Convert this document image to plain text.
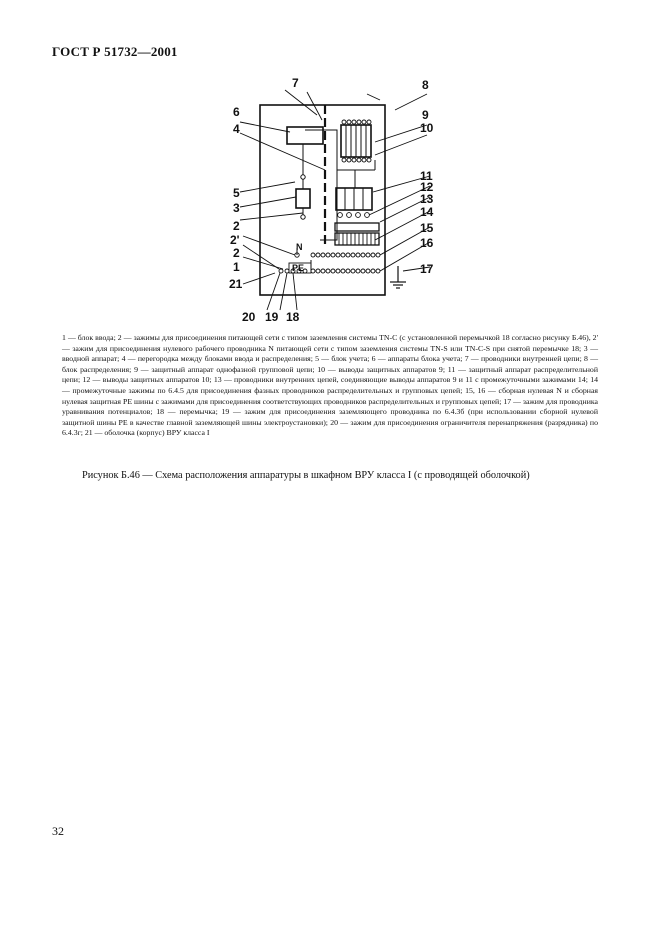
ГОСТ Р 51732—2001
7	8
6
4
9
10
11
12
13
14
15
16
17
5
3
2
2'
2
1
21
20 19 18
N
PE
1 — блок ввода; 2 — зажимы для присоединения питающей сети с типом заземления системы TN-C (с установленной перемычкой 18 согласно рисунку Б.46), 2' — зажим для присоединения нулевого рабочего проводника N питающей сети с типом заземления системы TN-S или TN-C-S при снятой перемычке 18; 3 — вводной аппарат; 4 — перегородка между блоками ввода и распределения; 5 — блок учета; 6 — аппараты блока учета; 7 — проводники внутренней цепи; 8 — блок распределения; 9 — защитный аппарат однофазной групповой цепи; 10 — выводы защитных аппаратов 9; 11 — защитный аппарат распределительной цепи; 12 — выводы защитных аппаратов 10; 13 — проводники внутренних цепей, соединяющие выводы аппаратов 9 и 11 с промежуточными зажимами 14; 14 — промежуточные зажимы по 6.4.5 для присоединения фазных проводников распределительных и групповых цепей; 15, 16 — сборная нулевая N и сборная нулевая защитная PE шины с зажимами для присоединения соответствующих проводников распределительных и групповых цепей; 17 — зажим для проводника уравнивания потенциалов; 18 — перемычка; 19 — зажим для присоединения заземляющего проводника по 6.4.3б (при использовании сборной нулевой защитной шины PE в качестве главной заземляющей шины электроустановки); 20 — зажим для присоединения ограничителя перенапряжения (разрядника) по 6.4.3г; 21 — оболочка (корпус) ВРУ класса I
Рисунок Б.46 — Схема расположения аппаратуры в шкафном ВРУ класса I (с проводящей оболочкой)
32
